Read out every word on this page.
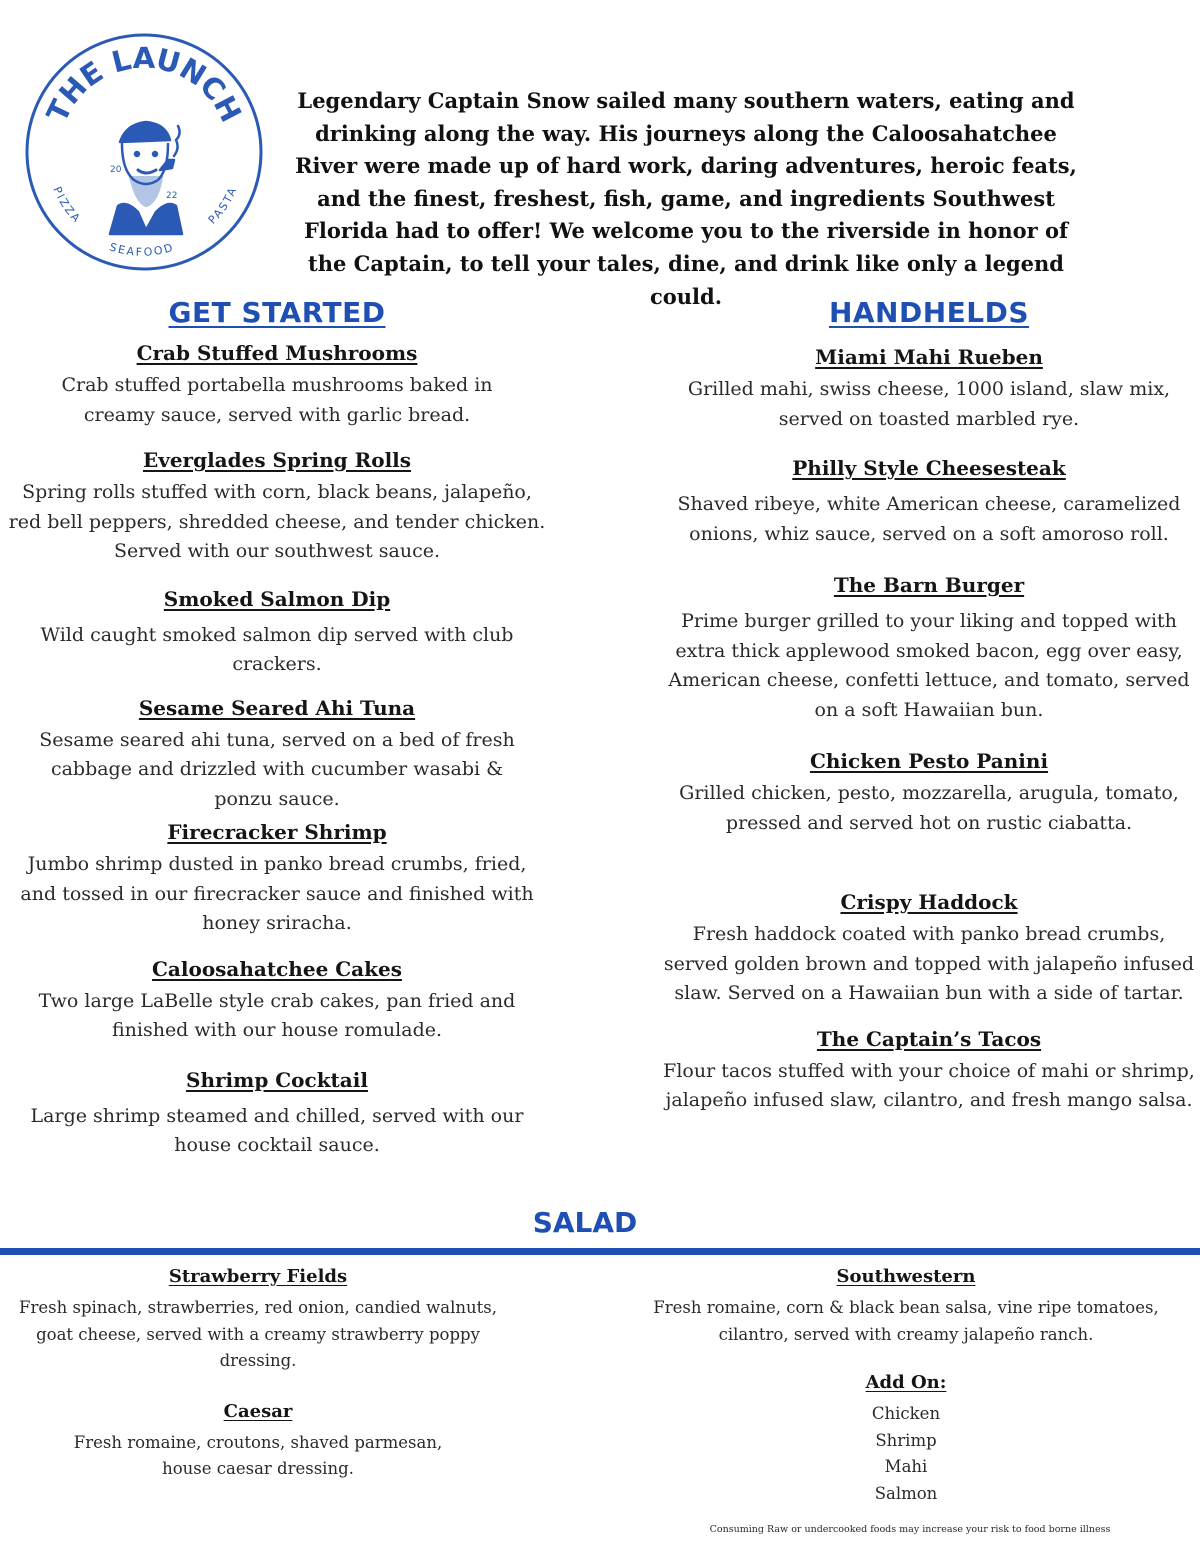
THE LAUNCH
PIZZA
SEAFOOD
PASTA
20
22

Legendary Captain Snow sailed many southern waters, eating and drinking along the way. His journeys along the Caloosahatchee River were made up of hard work, daring adventures, heroic feats, and the finest, freshest, fish, game, and ingredients Southwest Florida had to offer! We welcome you to the riverside in honor of the Captain, to tell your tales, dine, and drink like only a legend could.

GET STARTED
Crab Stuffed Mushrooms

Crab stuffed portabella mushrooms baked in creamy sauce, served with garlic bread.

Everglades Spring Rolls

Spring rolls stuffed with corn, black beans, jalapeño, red bell peppers, shredded cheese, and tender chicken. Served with our southwest sauce.

Smoked Salmon Dip

Wild caught smoked salmon dip served with club crackers.

Sesame Seared Ahi Tuna

Sesame seared ahi tuna, served on a bed of fresh cabbage and drizzled with cucumber wasabi & ponzu sauce.

Firecracker Shrimp

Jumbo shrimp dusted in panko bread crumbs, fried, and tossed in our firecracker sauce and finished with honey sriracha.

Caloosahatchee Cakes

Two large LaBelle style crab cakes, pan fried and finished with our house romulade.

Shrimp Cocktail

Large shrimp steamed and chilled, served with our house cocktail sauce.

HANDHELDS
Miami Mahi Rueben

Grilled mahi, swiss cheese, 1000 island, slaw mix, served on toasted marbled rye.

Philly Style Cheesesteak

Shaved ribeye, white American cheese, caramelized onions, whiz sauce, served on a soft amoroso roll.

The Barn Burger

Prime burger grilled to your liking and topped with extra thick applewood smoked bacon, egg over easy, American cheese, confetti lettuce, and tomato, served on a soft Hawaiian bun.

Chicken Pesto Panini

Grilled chicken, pesto, mozzarella, arugula, tomato, pressed and served hot on rustic ciabatta.

Crispy Haddock

Fresh haddock coated with panko bread crumbs, served golden brown and topped with jalapeño infused slaw. Served on a Hawaiian bun with a side of tartar.

The Captain’s Tacos

Flour tacos stuffed with your choice of mahi or shrimp, jalapeño infused slaw, cilantro, and fresh mango salsa.

SALAD
Strawberry Fields

Fresh spinach, strawberries, red onion, candied walnuts, goat cheese, served with a creamy strawberry poppy dressing.

Caesar

Fresh romaine, croutons, shaved parmesan, house caesar dressing.

Southwestern

Fresh romaine, corn & black bean salsa, vine ripe tomatoes, cilantro, served with creamy jalapeño ranch.

Add On:
Chicken
Shrimp
Mahi
Salmon

Consuming Raw or undercooked foods may increase your risk to food borne illness
